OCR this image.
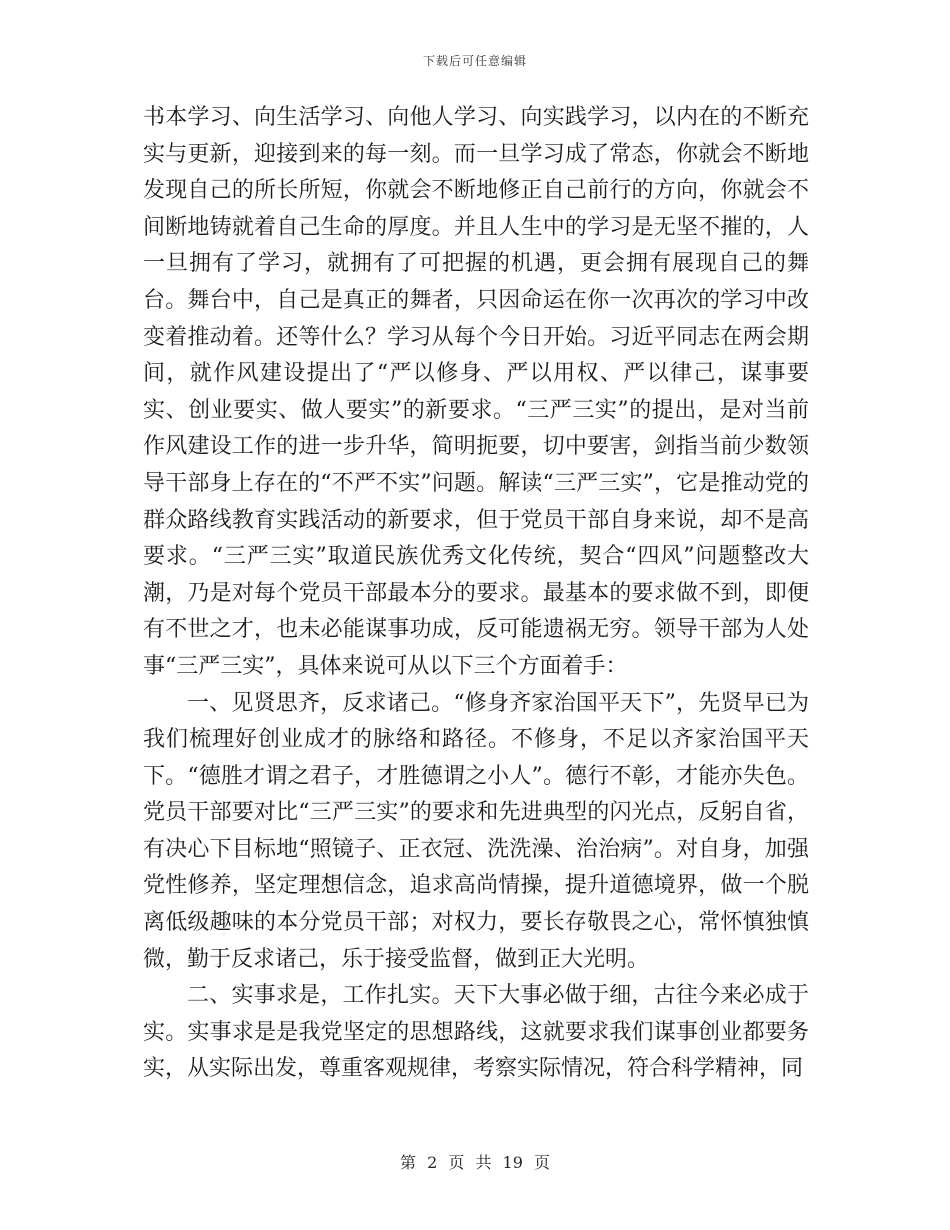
下载后可任意编辑

书本学习、向生活学习、向他人学习、向实践学习，以内在的不断充实与更新，迎接到来的每一刻。而一旦学习成了常态，你就会不断地发现自己的所长所短，你就会不断地修正自己前行的方向，你就会不间断地铸就着自己生命的厚度。并且人生中的学习是无坚不摧的，人一旦拥有了学习，就拥有了可把握的机遇，更会拥有展现自己的舞台。舞台中，自己是真正的舞者，只因命运在你一次再次的学习中改变着推动着。还等什么？学习从每个今日开始。习近平同志在两会期间，就作风建设提出了“严以修身、严以用权、严以律己，谋事要实、创业要实、做人要实”的新要求。“三严三实”的提出，是对当前作风建设工作的进一步升华，简明扼要，切中要害，剑指当前少数领导干部身上存在的“不严不实”问题。解读“三严三实”，它是推动党的群众路线教育实践活动的新要求，但于党员干部自身来说，却不是高要求。“三严三实”取道民族优秀文化传统，契合“四风”问题整改大潮，乃是对每个党员干部最本分的要求。最基本的要求做不到，即便有不世之才，也未必能谋事功成，反可能遗祸无穷。领导干部为人处事“三严三实”，具体来说可从以下三个方面着手：

一、见贤思齐，反求诸己。“修身齐家治国平天下”，先贤早已为我们梳理好创业成才的脉络和路径。不修身，不足以齐家治国平天下。“德胜才谓之君子，才胜德谓之小人”。德行不彰，才能亦失色。党员干部要对比“三严三实”的要求和先进典型的闪光点，反躬自省，有决心下目标地“照镜子、正衣冠、洗洗澡、治治病”。对自身，加强党性修养，坚定理想信念，追求高尚情操，提升道德境界，做一个脱离低级趣味的本分党员干部；对权力，要长存敬畏之心，常怀慎独慎微，勤于反求诸己，乐于接受监督，做到正大光明。

二、实事求是，工作扎实。天下大事必做于细，古往今来必成于实。实事求是是我党坚定的思想路线，这就要求我们谋事创业都要务实，从实际出发，尊重客观规律，考察实际情况，符合科学精神，同

第 2 页 共 19 页
